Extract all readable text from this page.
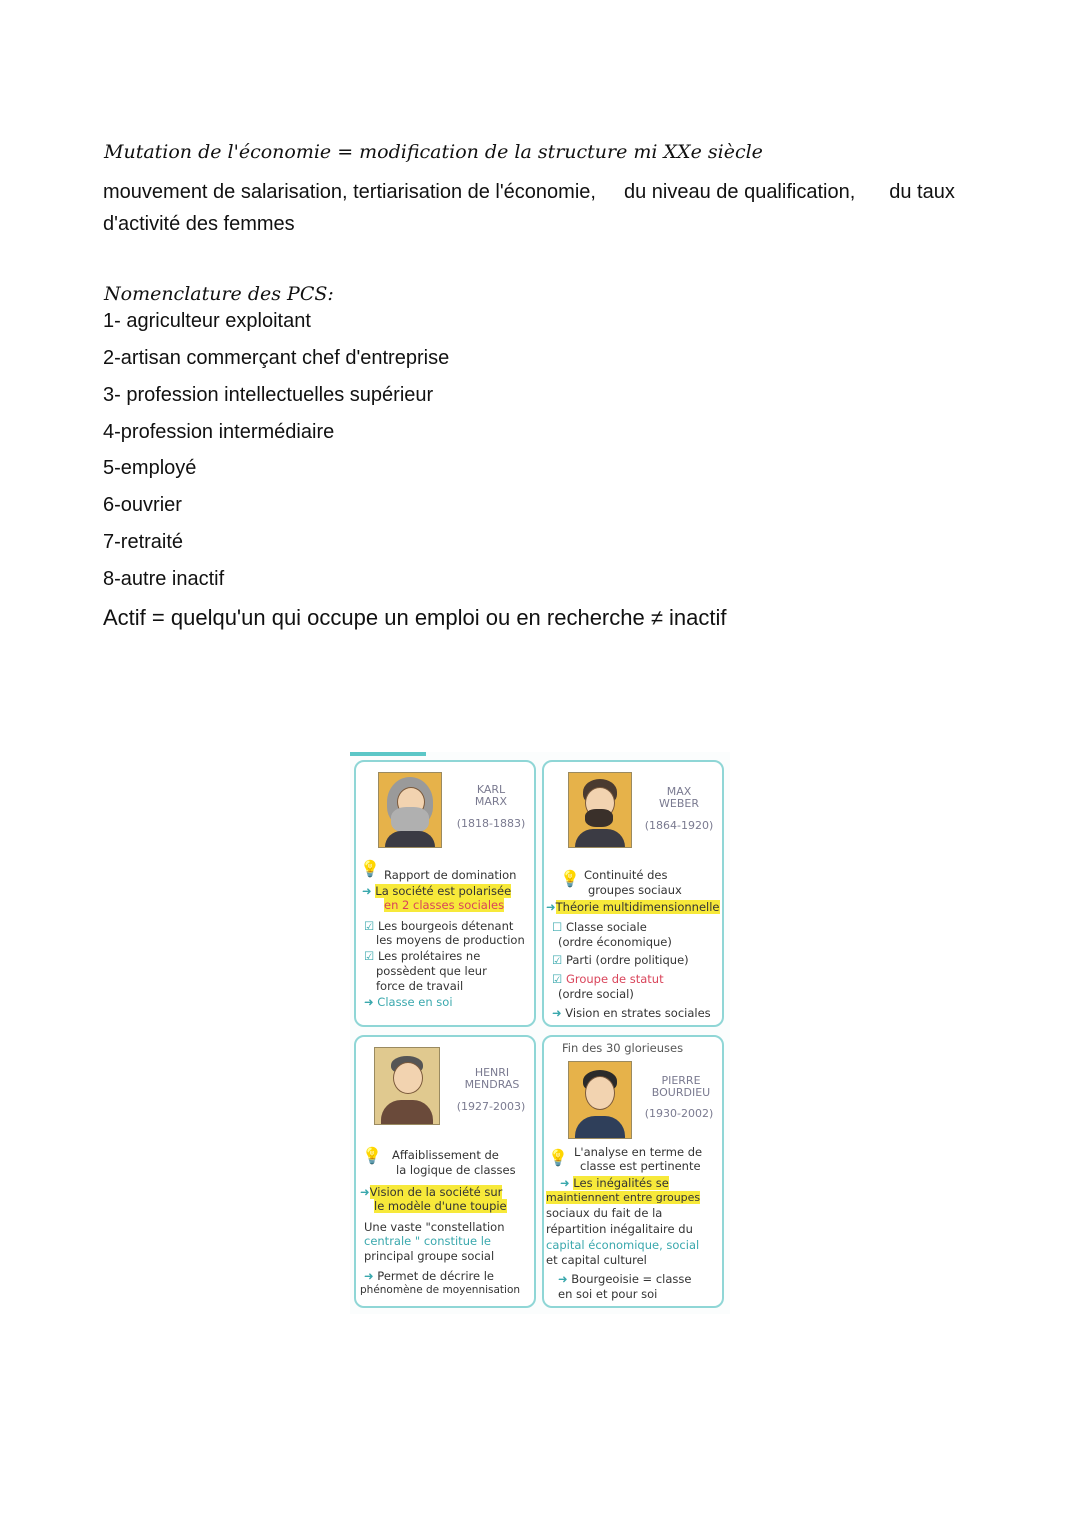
Mutation de l'économie = modification de la structure mi XXe siècle
mouvement de salarisation, tertiarisation de l'économie, du niveau de qualification, du taux
d'activité des femmes
Nomenclature des PCS:
1- agriculteur exploitant
2-artisan commerçant chef d'entreprise
3- profession intellectuelles supérieur
4-profession intermédiaire
5-employé
6-ouvrier
7-retraité
8-autre inactif
Actif = quelqu'un qui occupe un emploi ou en recherche ≠ inactif
KARL
MARX
(1818-1883)
💡 Rapport de domination
➜ La société est polarisée
en 2 classes sociales
☑ Les bourgeois détenant
les moyens de production
☑ Les prolétaires ne
possèdent que leur
force de travail
➜ Classe en soi
MAX
WEBER
(1864-1920)
💡 Continuité des
groupes sociaux
➜Théorie multidimensionnelle
☐ Classe sociale
(ordre économique)
☑ Parti (ordre politique)
☑ Groupe de statut
(ordre social)
➜ Vision en strates sociales
HENRI
MENDRAS
(1927-2003)
💡 Affaiblissement de
la logique de classes
➜Vision de la société sur
le modèle d'une toupie
Une vaste "constellation
centrale " constitue le
principal groupe social
➜ Permet de décrire le
phénomène de moyennisation
Fin des 30 glorieuses
PIERRE
BOURDIEU
(1930-2002)
💡 L'analyse en terme de
classe est pertinente
➜ Les inégalités se
maintiennent entre groupes
sociaux du fait de la
répartition inégalitaire du
capital économique, social
et capital culturel
➜ Bourgeoisie = classe
en soi et pour soi
